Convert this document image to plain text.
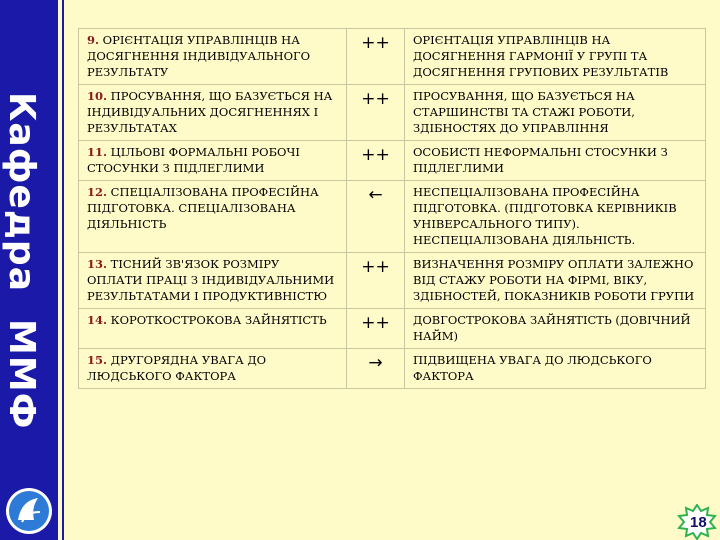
Кафедра  ММФ
9. ОРІЄНТАЦІЯ УПРАВЛІНЦІВ НА ДОСЯГНЕННЯ ІНДИВІДУАЛЬНОГО РЕЗУЛЬТАТУ	++	ОРІЄНТАЦІЯ УПРАВЛІНЦІВ НА ДОСЯГНЕННЯ ГАРМОНІЇ У ГРУПІ ТА ДОСЯГНЕННЯ ГРУПОВИХ РЕЗУЛЬТАТІВ
10. ПРОСУВАННЯ, ЩО БАЗУЄТЬСЯ НА ІНДИВІДУАЛЬНИХ ДОСЯГНЕННЯХ І РЕЗУЛЬТАТАХ	++	ПРОСУВАННЯ, ЩО БАЗУЄТЬСЯ НА СТАРШИНСТВІ ТА СТАЖІ РОБОТИ, ЗДІБНОСТЯХ ДО УПРАВЛІННЯ
11. ЦІЛЬОВІ ФОРМАЛЬНІ РОБОЧІ СТОСУНКИ З ПІДЛЕГЛИМИ	++	ОСОБИСТІ НЕФОРМАЛЬНІ СТОСУНКИ З ПІДЛЕГЛИМИ
12. СПЕЦІАЛІЗОВАНА ПРОФЕСІЙНА ПІДГОТОВКА. СПЕЦІАЛІЗОВАНА ДІЯЛЬНІСТЬ	←	НЕСПЕЦІАЛІЗОВАНА ПРОФЕСІЙНА ПІДГОТОВКА. (ПІДГОТОВКА КЕРІВНИКІВ УНІВЕРСАЛЬНОГО ТИПУ). НЕСПЕЦІАЛІЗОВАНА ДІЯЛЬНІСТЬ.
13. ТІСНИЙ ЗВ'ЯЗОК РОЗМІРУ ОПЛАТИ ПРАЦІ З ІНДИВІДУАЛЬНИМИ РЕЗУЛЬТАТАМИ І ПРОДУКТИВНІСТЮ	++	ВИЗНАЧЕННЯ РОЗМІРУ ОПЛАТИ ЗАЛЕЖНО ВІД СТАЖУ РОБОТИ НА ФІРМІ, ВІКУ, ЗДІБНОСТЕЙ, ПОКАЗНИКІВ РОБОТИ ГРУПИ
14. КОРОТКОСТРОКОВА ЗАЙНЯТІСТЬ	++	ДОВГОСТРОКОВА ЗАЙНЯТІСТЬ (ДОВІЧНИЙ НАЙМ)
15. ДРУГОРЯДНА УВАГА ДО ЛЮДСЬКОГО ФАКТОРА	→	ПІДВИЩЕНА УВАГА ДО ЛЮДСЬКОГО ФАКТОРА
18
